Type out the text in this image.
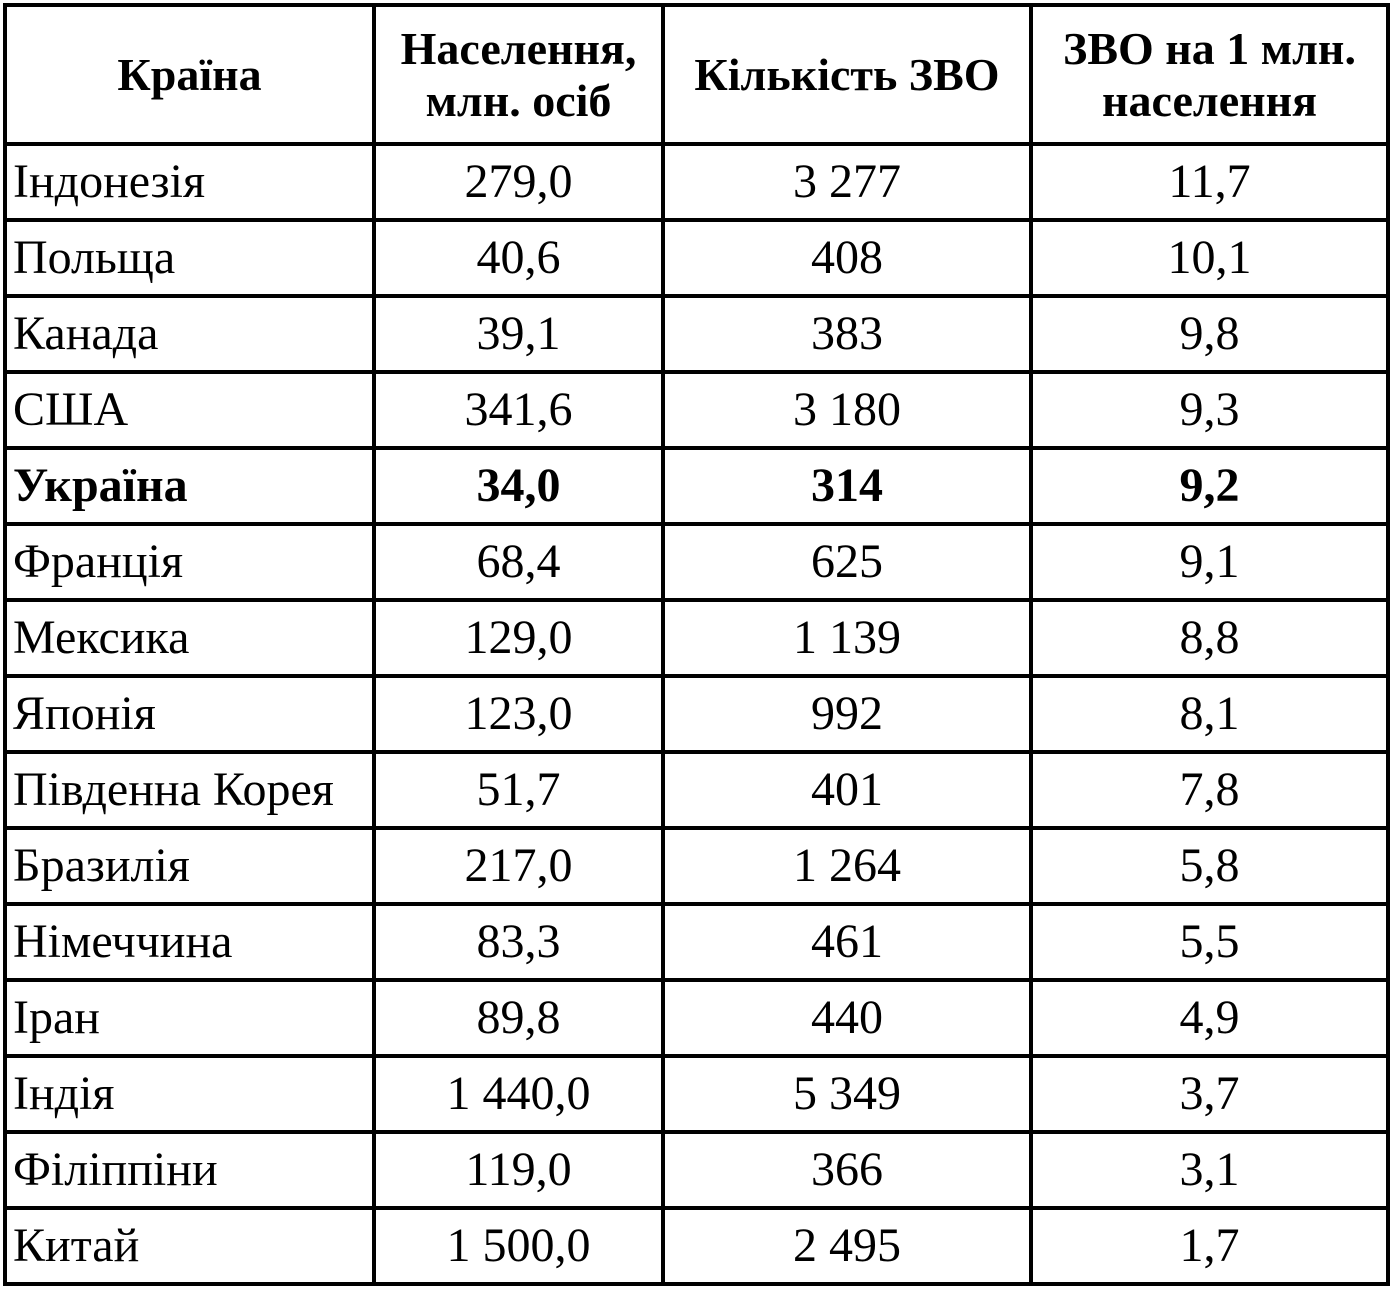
Країна	Населення, млн. осіб	Кількість ЗВО	ЗВО на 1 млн. населення
Індонезія	279,0	3 277	11,7
Польща	40,6	408	10,1
Канада	39,1	383	9,8
США	341,6	3 180	9,3
Україна	34,0	314	9,2
Франція	68,4	625	9,1
Мексика	129,0	1 139	8,8
Японія	123,0	992	8,1
Південна Корея	51,7	401	7,8
Бразилія	217,0	1 264	5,8
Німеччина	83,3	461	5,5
Іран	89,8	440	4,9
Індія	1 440,0	5 349	3,7
Філіппіни	119,0	366	3,1
Китай	1 500,0	2 495	1,7
